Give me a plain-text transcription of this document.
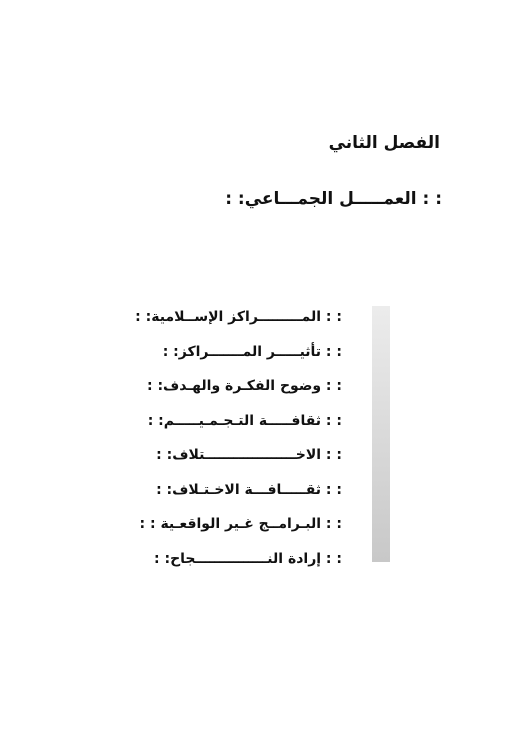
الفصل الثاني
: : العمـــــل الجمـــاعي: :
: : المـــــــــراكز الإســلامية: :
: : تأثيـــــر المـــــــراكز: :
: : وضوح الفكـرة والهـدف: :
: : ثقافـــــة التـجـمـيـــــم: :
: : الاخـــــــــــــــــــتلاف: :
: : ثقـــــافـــة الاخـتـلاف: :
: : البـرامــج غـير الواقعـية : :
: : إرادة النـــــــــــــــجاح: :
